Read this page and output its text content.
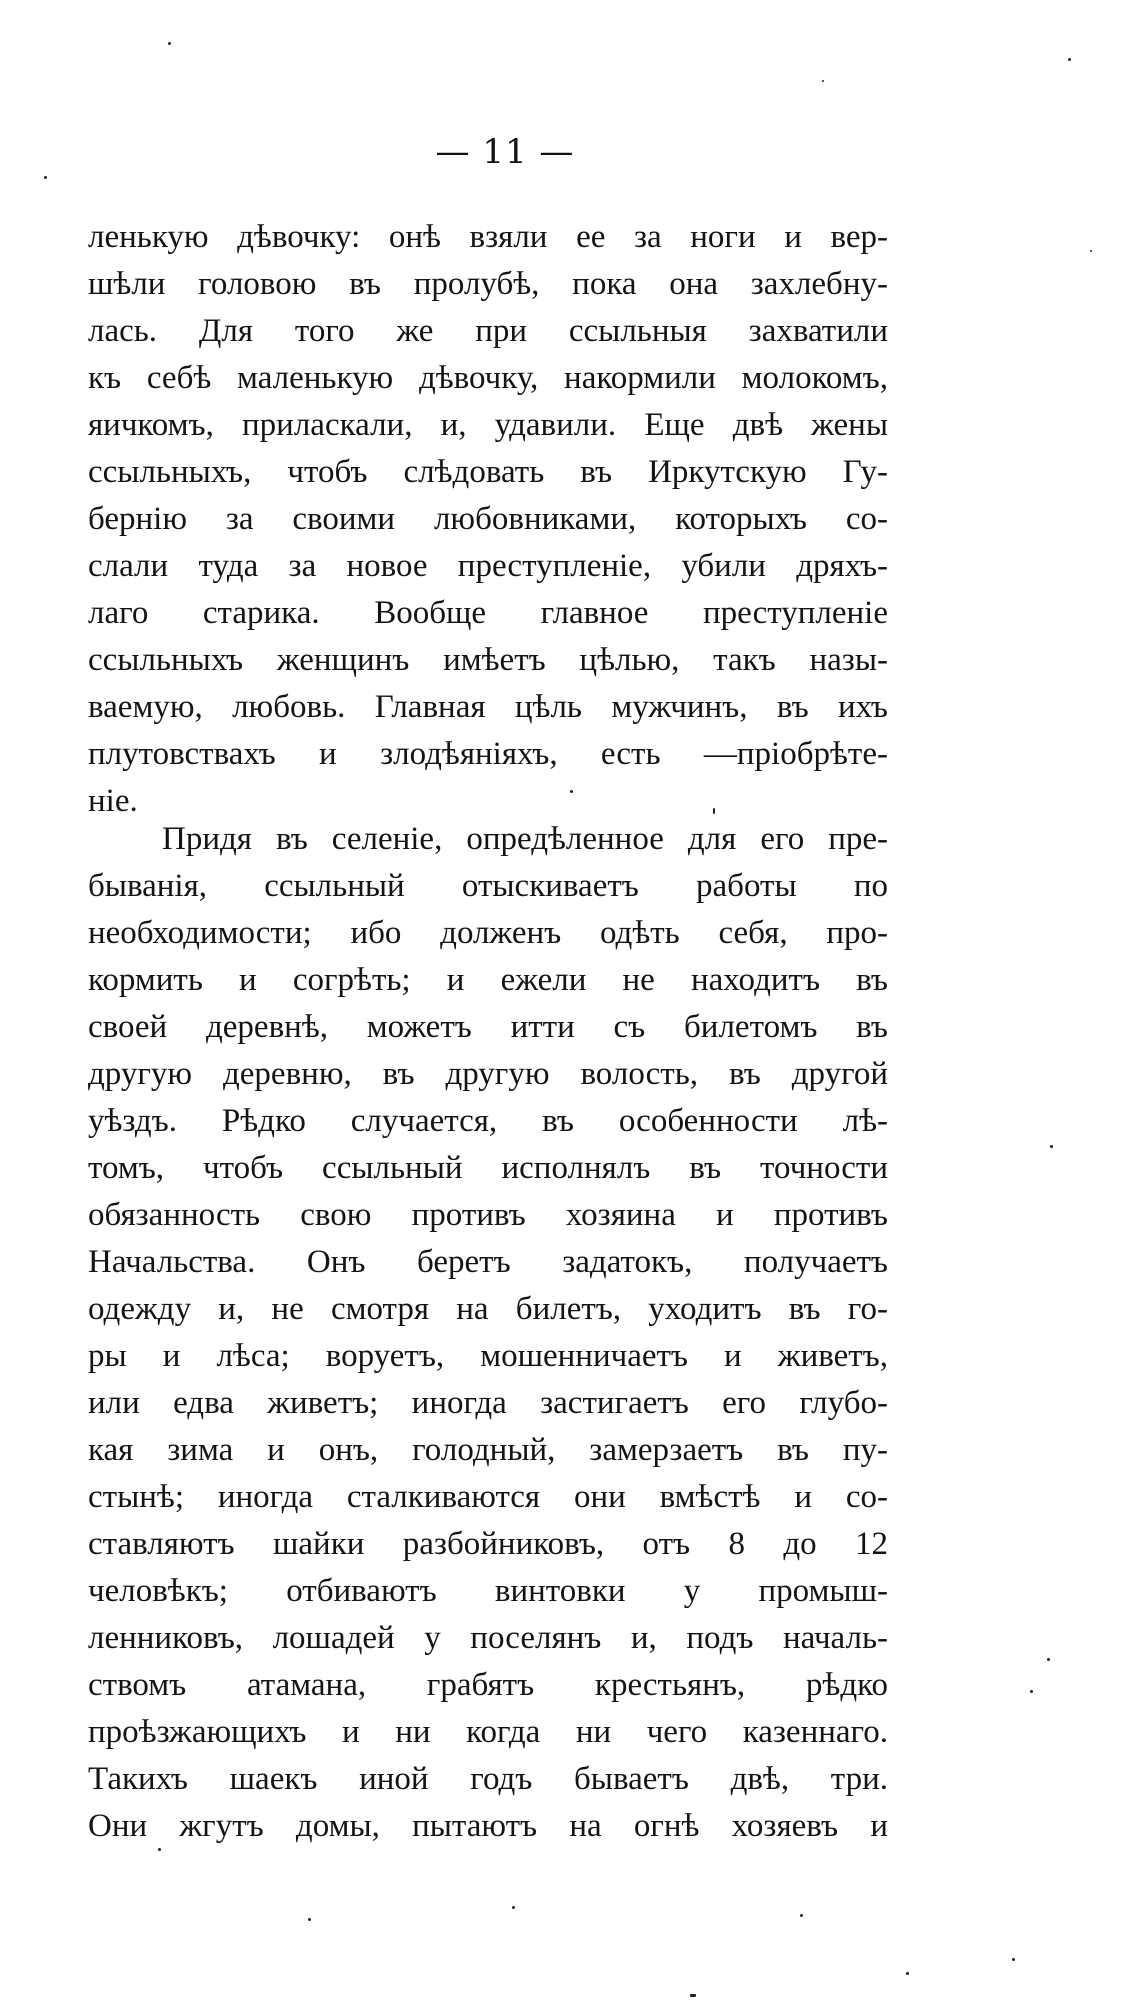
— 11 —
ленькую дѣвочку: онѣ взяли ее за ноги и вер-
шѣли головою въ пролубѣ, пока она захлебну-
лась. Для того же при ссыльныя захватили
къ себѣ маленькую дѣвочку, накормили молокомъ,
яичкомъ, приласкали, и, удавили. Еще двѣ жены
ссыльныхъ, чтобъ слѣдовать въ Иркутскую Гу-
бернію за своими любовниками, которыхъ со-
слали туда за новое преступленіе, убили дряхъ-
лаго старика. Вообще главное преступленіе
ссыльныхъ женщинъ имѣетъ цѣлью, такъ назы-
ваемую, любовь. Главная цѣль мужчинъ, въ ихъ
плутовствахъ и злодѣяніяхъ, есть —пріобрѣте-
ніе.
Придя въ селеніе, опредѣленное для его пре-
быванія, ссыльный отыскиваетъ работы по
необходимости; ибо долженъ одѣть себя, про-
кормить и согрѣть; и ежели не находитъ въ
своей деревнѣ, можетъ итти съ билетомъ въ
другую деревню, въ другую волость, въ другой
уѣздъ. Рѣдко случается, въ особенности лѣ-
томъ, чтобъ ссыльный исполнялъ въ точности
обязанность свою противъ хозяина и противъ
Начальства. Онъ беретъ задатокъ, получаетъ
одежду и, не смотря на билетъ, уходитъ въ го-
ры и лѣса; воруетъ, мошенничаетъ и живетъ,
или едва живетъ; иногда застигаетъ его глубо-
кая зима и онъ, голодный, замерзаетъ въ пу-
стынѣ; иногда сталкиваются они вмѣстѣ и со-
ставляютъ шайки разбойниковъ, отъ 8 до 12
человѣкъ; отбиваютъ винтовки у промыш-
ленниковъ, лошадей у поселянъ и, подъ началь-
ствомъ атамана, грабятъ крестьянъ, рѣдко
проѣзжающихъ и ни когда ни чего казеннаго.
Такихъ шаекъ иной годъ бываетъ двѣ, три.
Они жгутъ домы, пытаютъ на огнѣ хозяевъ и
